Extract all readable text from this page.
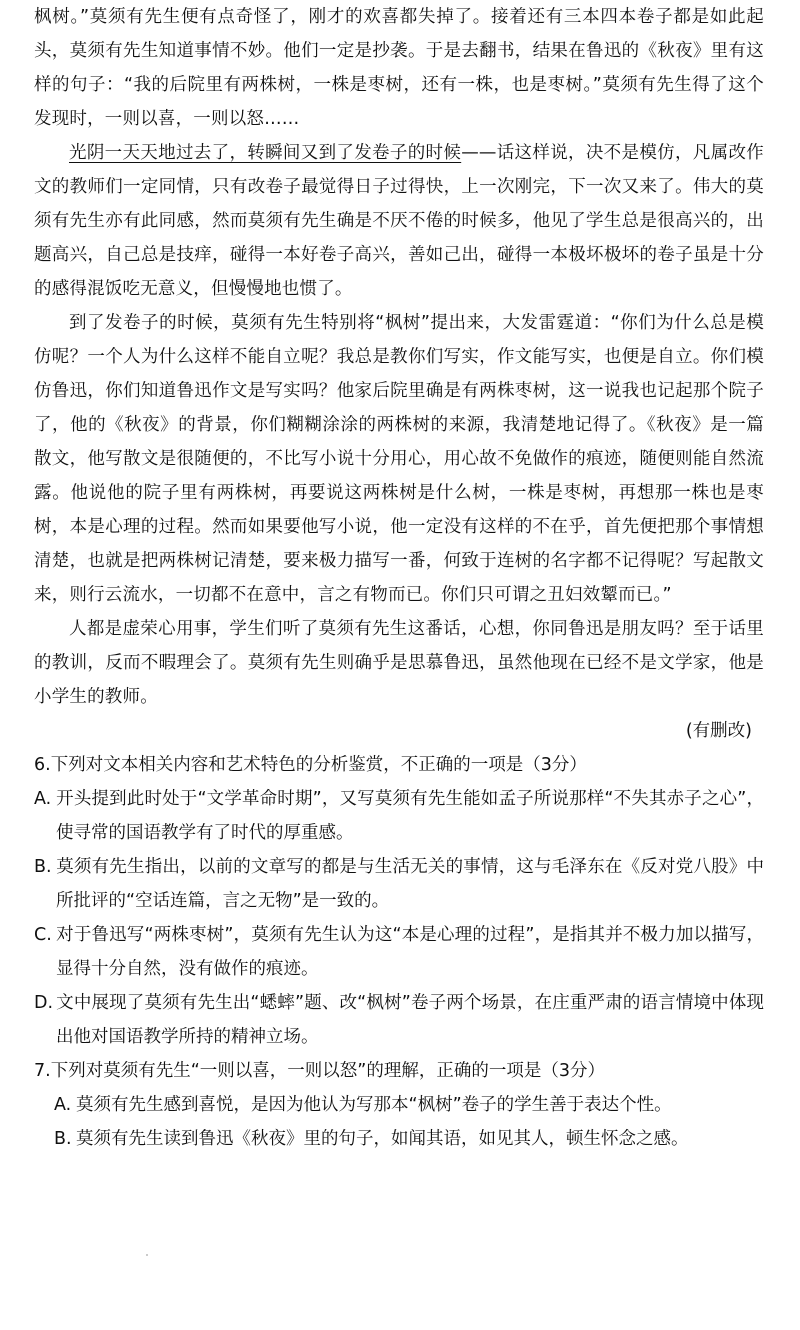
枫树。”莫须有先生便有点奇怪了，刚才的欢喜都失掉了。接着还有三本四本卷子都是如此起头，莫须有先生知道事情不妙。他们一定是抄袭。于是去翻书，结果在鲁迅的《秋夜》里有这样的句子：“我的后院里有两株树，一株是枣树，还有一株，也是枣树。”莫须有先生得了这个发现时，一则以喜，一则以怒……

光阴一天天地过去了，转瞬间又到了发卷子的时候——话这样说，决不是模仿，凡属改作文的教师们一定同情，只有改卷子最觉得日子过得快，上一次刚完，下一次又来了。伟大的莫须有先生亦有此同感，然而莫须有先生确是不厌不倦的时候多，他见了学生总是很高兴的，出题高兴，自己总是技痒，碰得一本好卷子高兴，善如己出，碰得一本极坏极坏的卷子虽是十分的感得混饭吃无意义，但慢慢地也惯了。

到了发卷子的时候，莫须有先生特别将“枫树”提出来，大发雷霆道：“你们为什么总是模仿呢？一个人为什么这样不能自立呢？我总是教你们写实，作文能写实，也便是自立。你们模仿鲁迅，你们知道鲁迅作文是写实吗？他家后院里确是有两株枣树，这一说我也记起那个院子了，他的《秋夜》的背景，你们糊糊涂涂的两株树的来源，我清楚地记得了。《秋夜》是一篇散文，他写散文是很随便的，不比写小说十分用心，用心故不免做作的痕迹，随便则能自然流露。他说他的院子里有两株树，再要说这两株树是什么树，一株是枣树，再想那一株也是枣树，本是心理的过程。然而如果要他写小说，他一定没有这样的不在乎，首先便把那个事情想清楚，也就是把两株树记清楚，要来极力描写一番，何致于连树的名字都不记得呢？写起散文来，则行云流水，一切都不在意中，言之有物而已。你们只可谓之丑妇效颦而已。”

人都是虚荣心用事，学生们听了莫须有先生这番话，心想，你同鲁迅是朋友吗？至于话里的教训，反而不暇理会了。莫须有先生则确乎是思慕鲁迅，虽然他现在已经不是文学家，他是小学生的教师。

(有删改)

6.下列对文本相关内容和艺术特色的分析鉴赏，不正确的一项是（3分）

A. 开头提到此时处于“文学革命时期”，又写莫须有先生能如孟子所说那样“不失其赤子之心”，使寻常的国语教学有了时代的厚重感。

B. 莫须有先生指出，以前的文章写的都是与生活无关的事情，这与毛泽东在《反对党八股》中所批评的“空话连篇，言之无物”是一致的。

C. 对于鲁迅写“两株枣树”，莫须有先生认为这“本是心理的过程”，是指其并不极力加以描写，显得十分自然，没有做作的痕迹。

D. 文中展现了莫须有先生出“蟋蟀”题、改“枫树”卷子两个场景，在庄重严肃的语言情境中体现出他对国语教学所持的精神立场。

7.下列对莫须有先生“一则以喜，一则以怒”的理解，正确的一项是（3分）

A. 莫须有先生感到喜悦，是因为他认为写那本“枫树”卷子的学生善于表达个性。

B. 莫须有先生读到鲁迅《秋夜》里的句子，如闻其语，如见其人，顿生怀念之感。
